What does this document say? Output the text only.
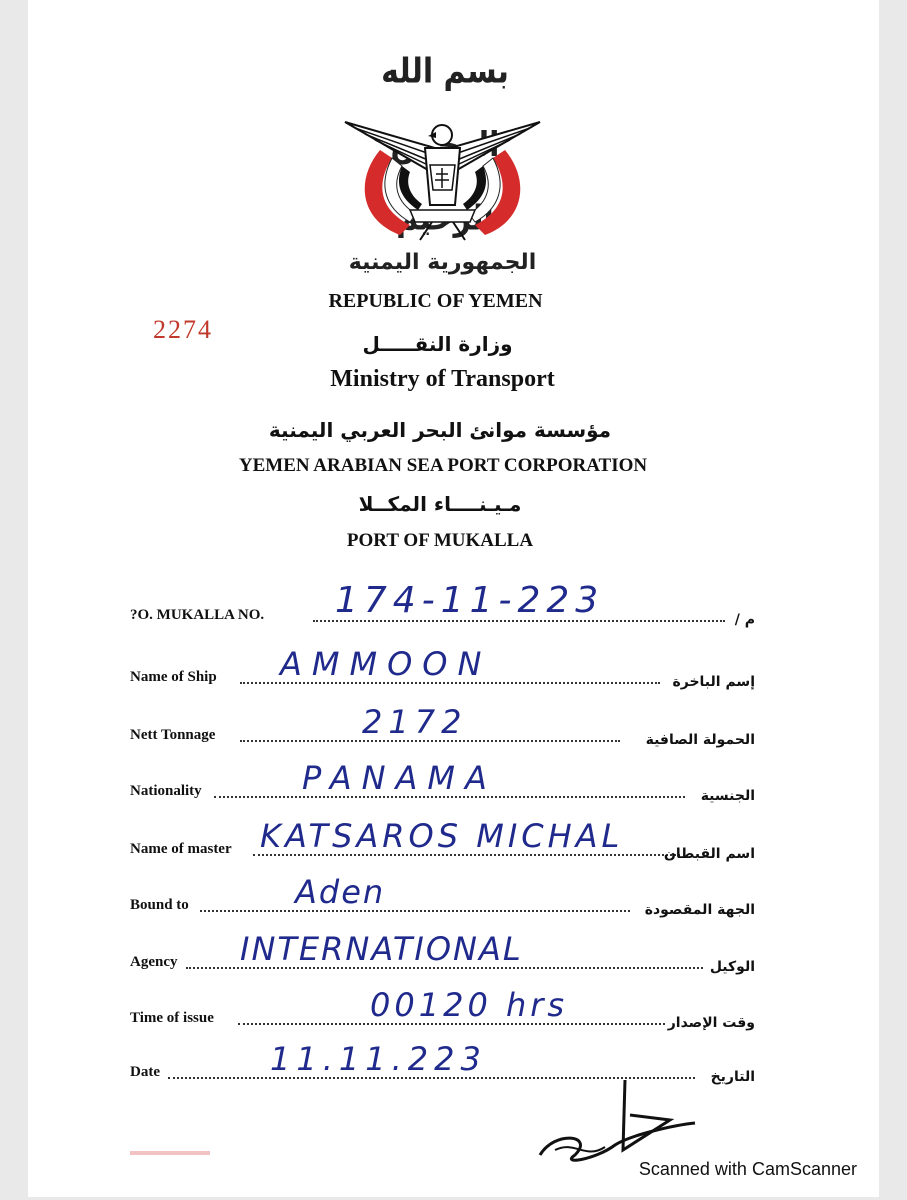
بسم الله
الجمهورية اليمنية
REPUBLIC OF YEMEN
2274	وزارة النقـــــل
Ministry of Transport
مؤسسة موانئ البحر العربي اليمنية
YEMEN ARABIAN SEA PORT CORPORATION
مـيـنــــاء المكــلا
PORT OF MUKALLA
?O. MUKALLA NO. 174-11-223	م /
Name of Ship AMMOON	إسم الباخرة
Nett Tonnage	2172	الحمولة الصافية
Nationality	PANAMA	الجنسية
Name of master KATSAROS MICHAL	اسم القبطان
Bound to	Aden	الجهة المقصودة
Agency INTERNATIONAL	الوكيل
Time of issue	00120 hrs	وقت الإصدار
Date	11.11.223	التاريخ
Scanned with CamScanner
